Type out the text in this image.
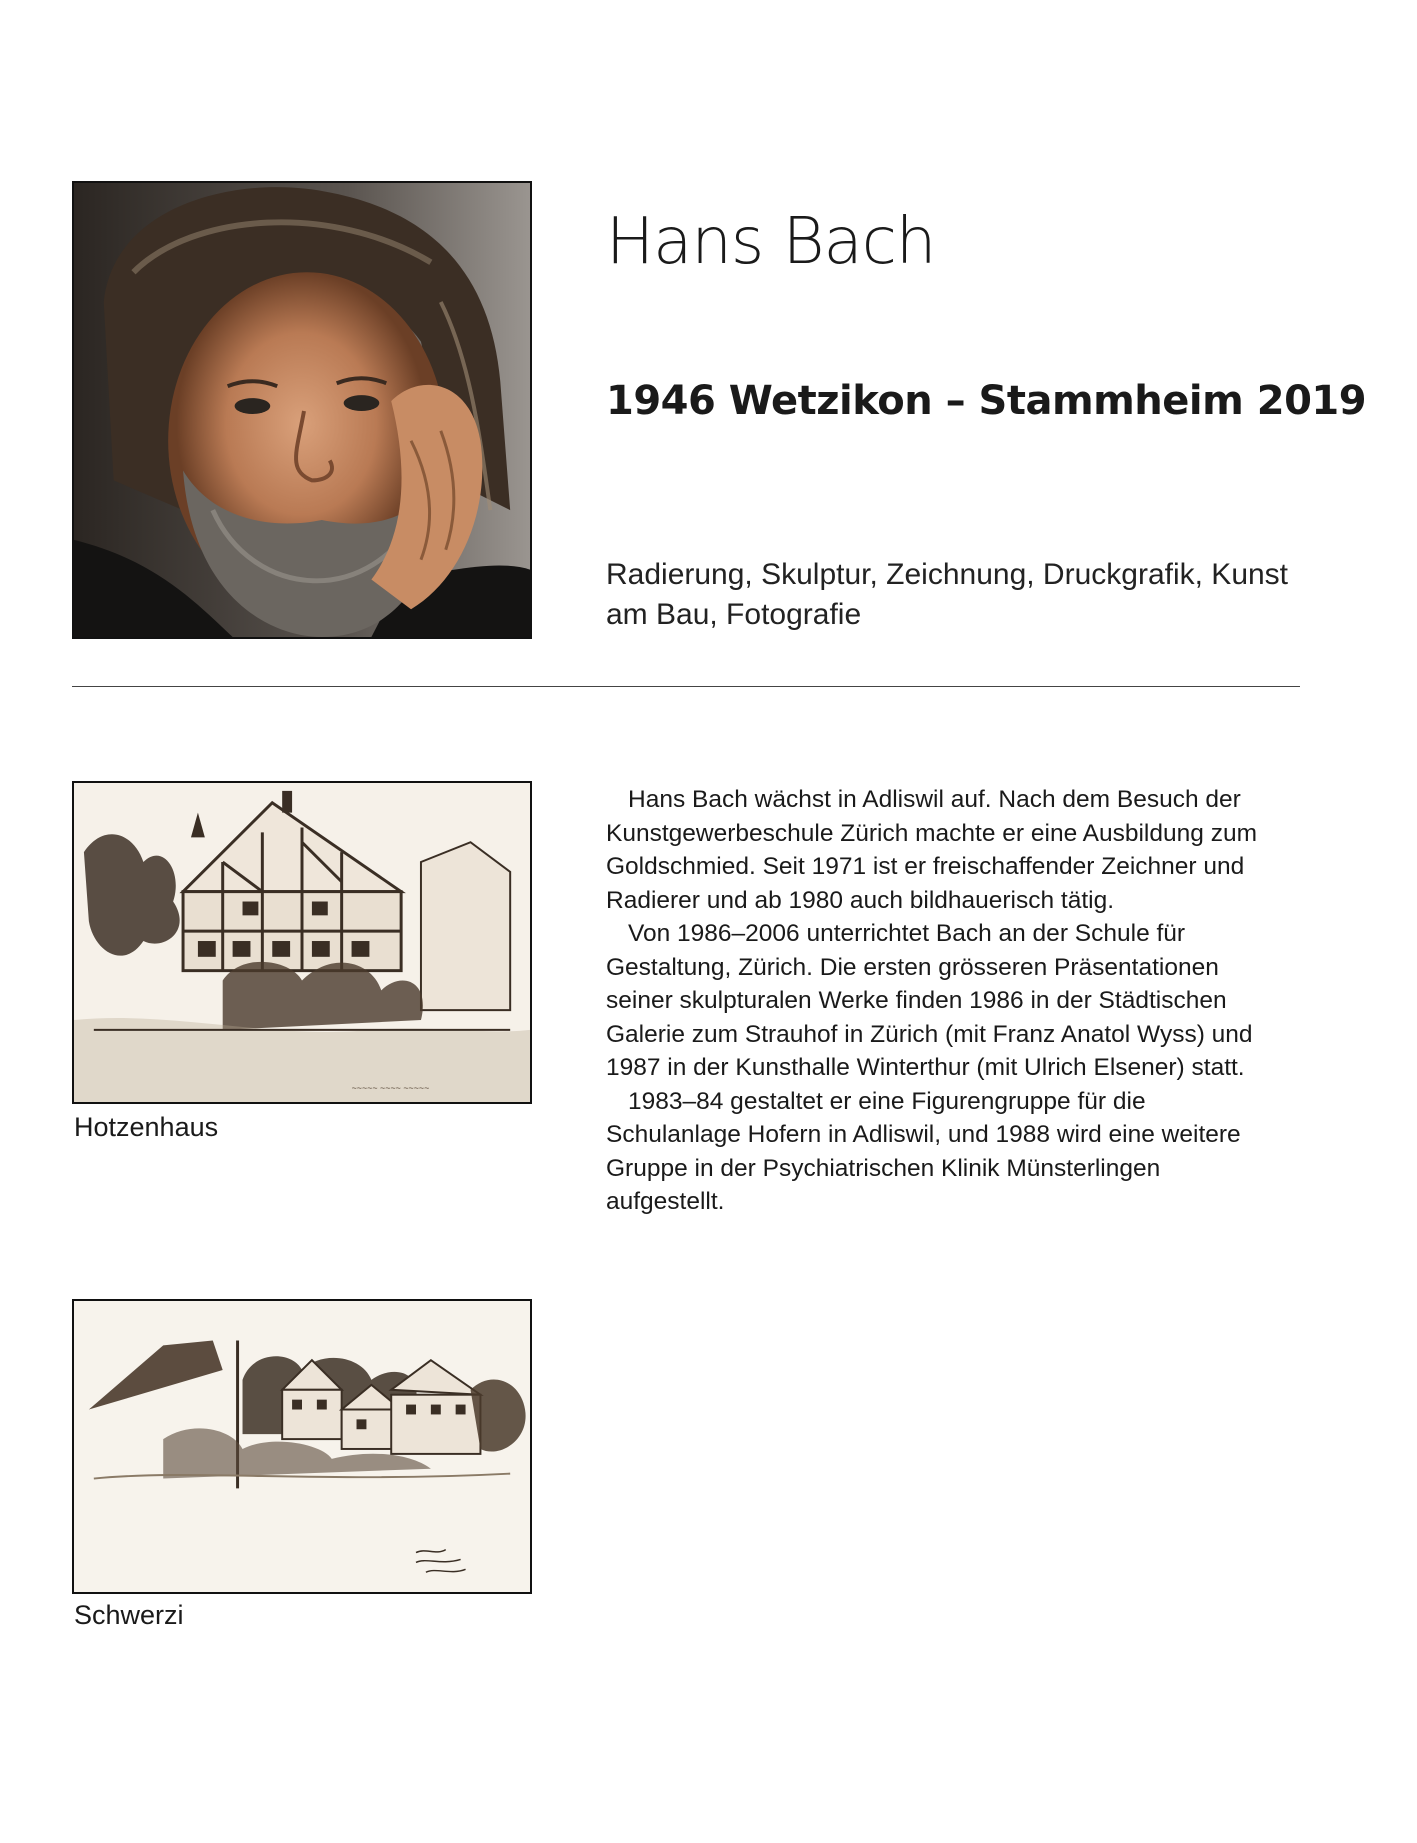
Hans Bach
1946 Wetzikon – Stammheim 2019

Radierung, Skulptur, Zeichnung, Druckgrafik, Kunst am Bau, Fotografie

~~~~~ ~~~~ ~~~~~

Hotzenhaus

Schwerzi

Hans Bach wächst in Adliswil auf. Nach dem Besuch der Kunstgewerbeschule Zürich machte er eine Ausbildung zum Goldschmied. Seit 1971 ist er freischaffender Zeichner und Radierer und ab 1980 auch bildhauerisch tätig.

Von 1986–2006 unterrichtet Bach an der Schule für Gestaltung, Zürich. Die ersten grösseren Präsentationen seiner skulpturalen Werke finden 1986 in der Städtischen Galerie zum Strauhof in Zürich (mit Franz Anatol Wyss) und 1987 in der Kunsthalle Winterthur (mit Ulrich Elsener) statt.

1983–84 gestaltet er eine Figurengruppe für die Schulanlage Hofern in Adliswil, und 1988 wird eine weitere Gruppe in der Psychiatrischen Klinik Münsterlingen aufgestellt.
